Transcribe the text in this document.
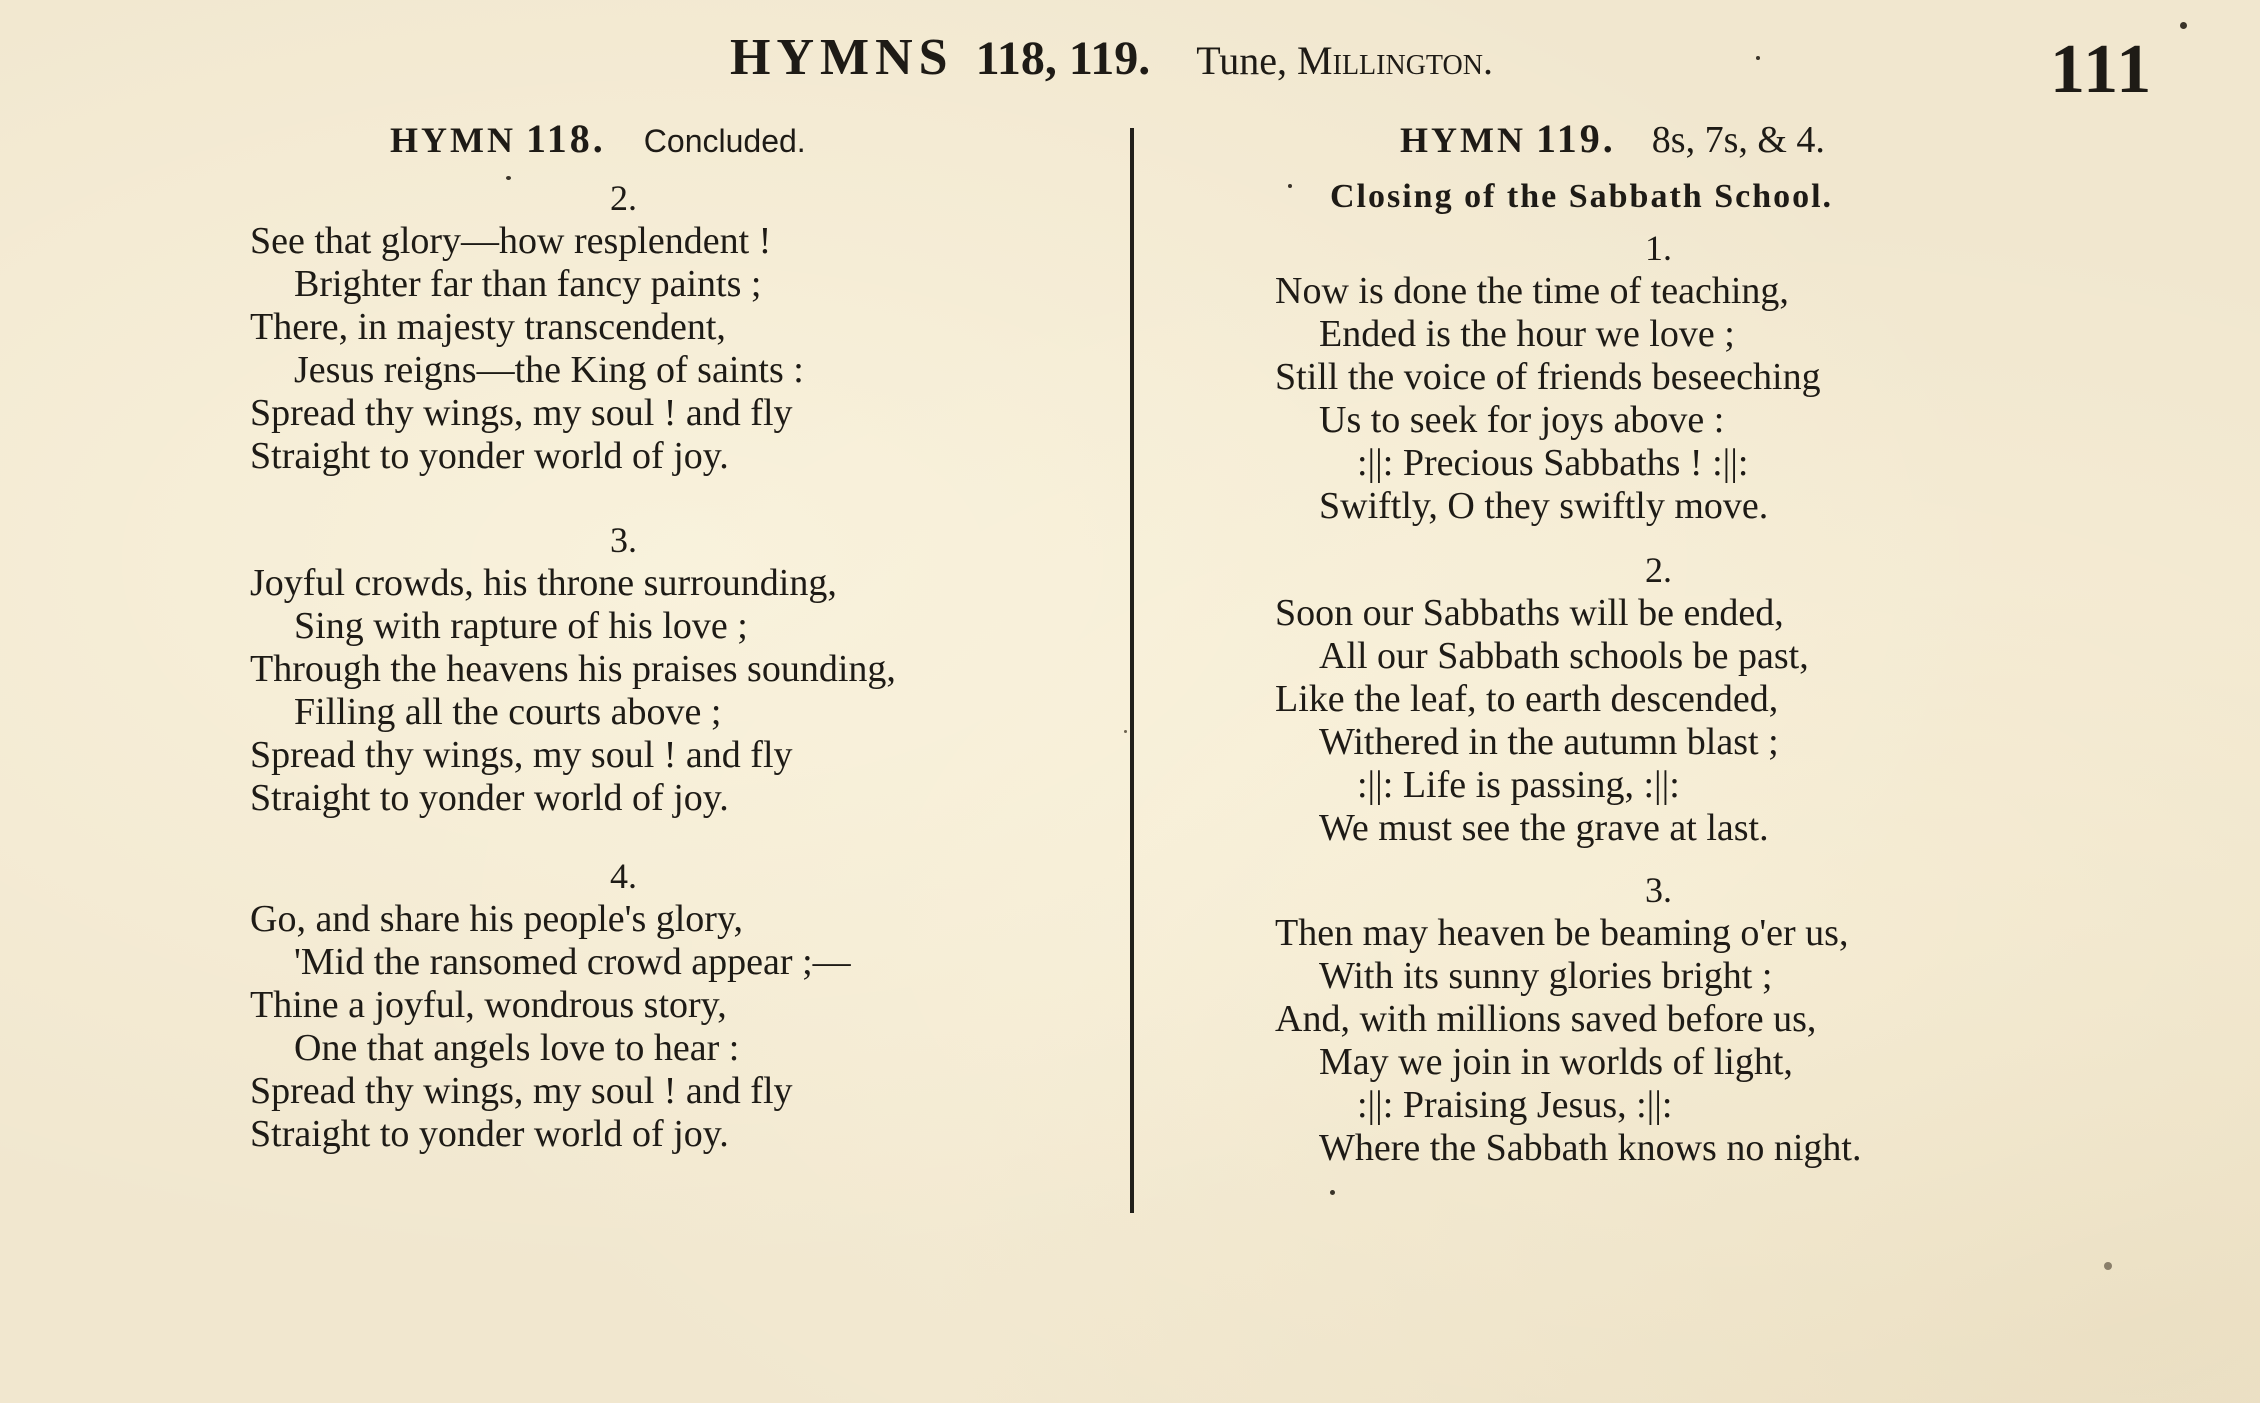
HYMNS 118, 119. Tune, Millington.	111
HYMN 118. Concluded.
2.
See that glory—how resplendent !
Brighter far than fancy paints ;
There, in majesty transcendent,
Jesus reigns—the King of saints :
Spread thy wings, my soul ! and fly
Straight to yonder world of joy.
3.
Joyful crowds, his throne surrounding,
Sing with rapture of his love ;
Through the heavens his praises sounding,
Filling all the courts above ;
Spread thy wings, my soul ! and fly
Straight to yonder world of joy.
4.
Go, and share his people's glory,
'Mid the ransomed crowd appear ;—
Thine a joyful, wondrous story,
One that angels love to hear :
Spread thy wings, my soul ! and fly
Straight to yonder world of joy.
HYMN 119. 8s, 7s, & 4.
Closing of the Sabbath School.
1.
Now is done the time of teaching,
Ended is the hour we love ;
Still the voice of friends beseeching
Us to seek for joys above :
:||: Precious Sabbaths ! :||:
Swiftly, O they swiftly move.
2.
Soon our Sabbaths will be ended,
All our Sabbath schools be past,
Like the leaf, to earth descended,
Withered in the autumn blast ;
:||: Life is passing, :||:
We must see the grave at last.
3.
Then may heaven be beaming o'er us,
With its sunny glories bright ;
And, with millions saved before us,
May we join in worlds of light,
:||: Praising Jesus, :||:
Where the Sabbath knows no night.
